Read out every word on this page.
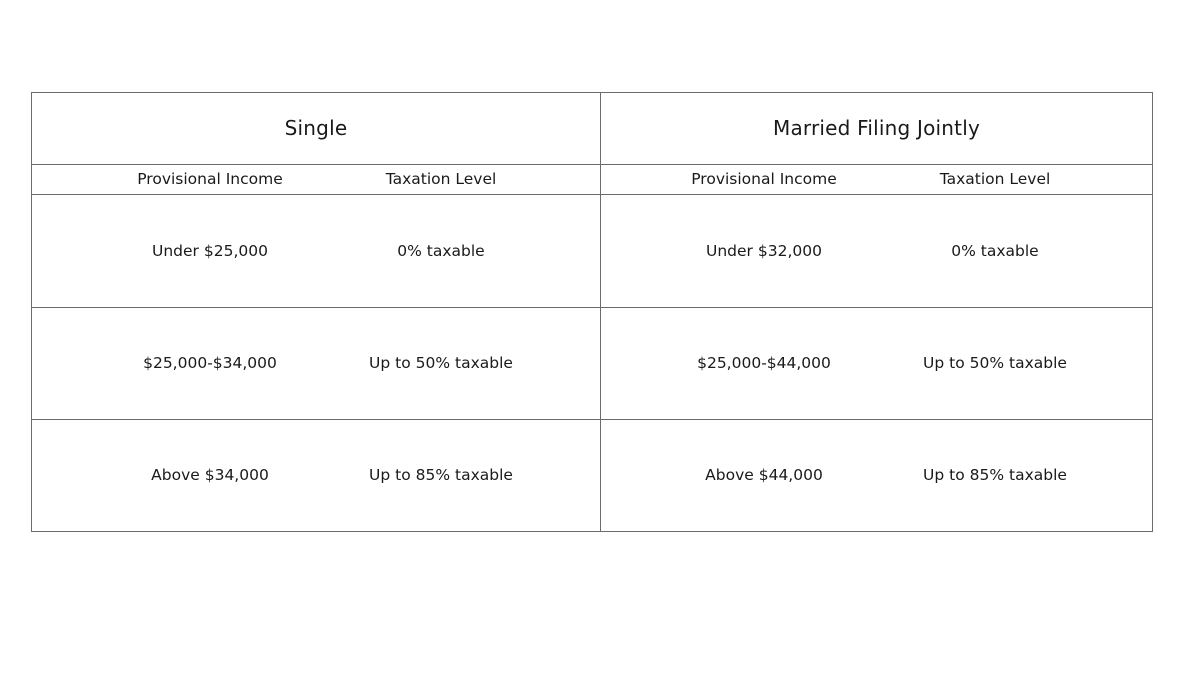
Single
Provisional Income	Taxation Level
Under $25,000	0% taxable
$25,000-$34,000	Up to 50% taxable
Above $34,000	Up to 85% taxable
Married Filing Jointly
Provisional Income	Taxation Level
Under $32,000	0% taxable
$25,000-$44,000	Up to 50% taxable
Above $44,000	Up to 85% taxable
